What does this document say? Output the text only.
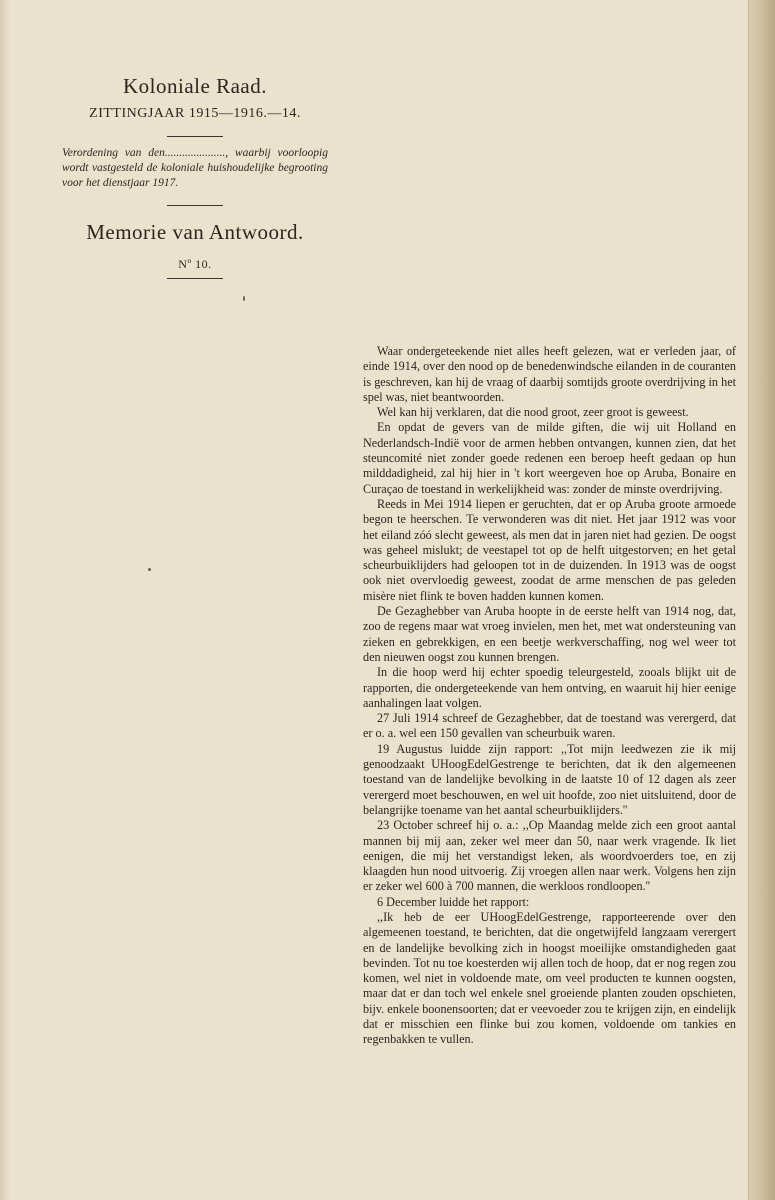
Koloniale Raad.

ZITTINGJAAR 1915—1916.—14.

Verordening van den....................., waarbij voorloopig wordt vastgesteld de koloniale huishoudelijke begrooting voor het dienstjaar 1917.

Memorie van Antwoord.

Nº 10.

Waar ondergeteekende niet alles heeft gelezen, wat er verleden jaar, of einde 1914, over den nood op de benedenwindsche eilanden in de couranten is geschreven, kan hij de vraag of daarbij somtijds groote overdrijving in het spel was, niet beantwoorden.

Wel kan hij verklaren, dat die nood groot, zeer groot is geweest.

En opdat de gevers van de milde giften, die wij uit Holland en Nederlandsch-Indië voor de armen hebben ontvangen, kunnen zien, dat het steuncomité niet zonder goede redenen een beroep heeft gedaan op hun milddadigheid, zal hij hier in 't kort weergeven hoe op Aruba, Bonaire en Curaçao de toestand in werkelijkheid was: zonder de minste overdrijving.

Reeds in Mei 1914 liepen er geruchten, dat er op Aruba groote armoede begon te heerschen. Te verwonderen was dit niet. Het jaar 1912 was voor het eiland zóó slecht geweest, als men dat in jaren niet had gezien. De oogst was geheel mislukt; de veestapel tot op de helft uitgestorven; en het getal scheurbuiklijders had geloopen tot in de duizenden. In 1913 was de oogst ook niet overvloedig geweest, zoodat de arme menschen de pas geleden misère niet flink te boven hadden kunnen komen.

De Gezaghebber van Aruba hoopte in de eerste helft van 1914 nog, dat, zoo de regens maar wat vroeg invielen, men het, met wat ondersteuning van zieken en gebrekkigen, en een beetje werkverschaffing, nog wel weer tot den nieuwen oogst zou kunnen brengen.

In die hoop werd hij echter spoedig teleurgesteld, zooals blijkt uit de rapporten, die ondergeteekende van hem ontving, en waaruit hij hier eenige aanhalingen laat volgen.

27 Juli 1914 schreef de Gezaghebber, dat de toestand was verergerd, dat er o. a. wel een 150 gevallen van scheurbuik waren.

19 Augustus luidde zijn rapport: ,,Tot mijn leedwezen zie ik mij genoodzaakt UHoogEdelGestrenge te berichten, dat ik den algemeenen toestand van de landelijke bevolking in de laatste 10 of 12 dagen als zeer verergerd moet beschouwen, en wel uit hoofde, zoo niet uitsluitend, door de belangrijke toename van het aantal scheurbuiklijders.''

23 October schreef hij o. a.: ,,Op Maandag melde zich een groot aantal mannen bij mij aan, zeker wel meer dan 50, naar werk vragende. Ik liet eenigen, die mij het verstandigst leken, als woordvoerders toe, en zij klaagden hun nood uitvoerig. Zij vroegen allen naar werk. Volgens hen zijn er zeker wel 600 à 700 mannen, die werkloos rondloopen.''

6 December luidde het rapport:

,,Ik heb de eer UHoogEdelGestrenge, rapporteerende over den algemeenen toestand, te berichten, dat die ongetwijfeld langzaam verergert en de landelijke bevolking zich in hoogst moeilijke omstandigheden gaat bevinden. Tot nu toe koesterden wij allen toch de hoop, dat er nog regen zou komen, wel niet in voldoende mate, om veel producten te kunnen oogsten, maar dat er dan toch wel enkele snel groeiende planten zouden opschieten, bijv. enkele boonensoorten; dat er veevoeder zou te krijgen zijn, en eindelijk dat er misschien een flinke bui zou komen, voldoende om tankies en regenbakken te vullen.
